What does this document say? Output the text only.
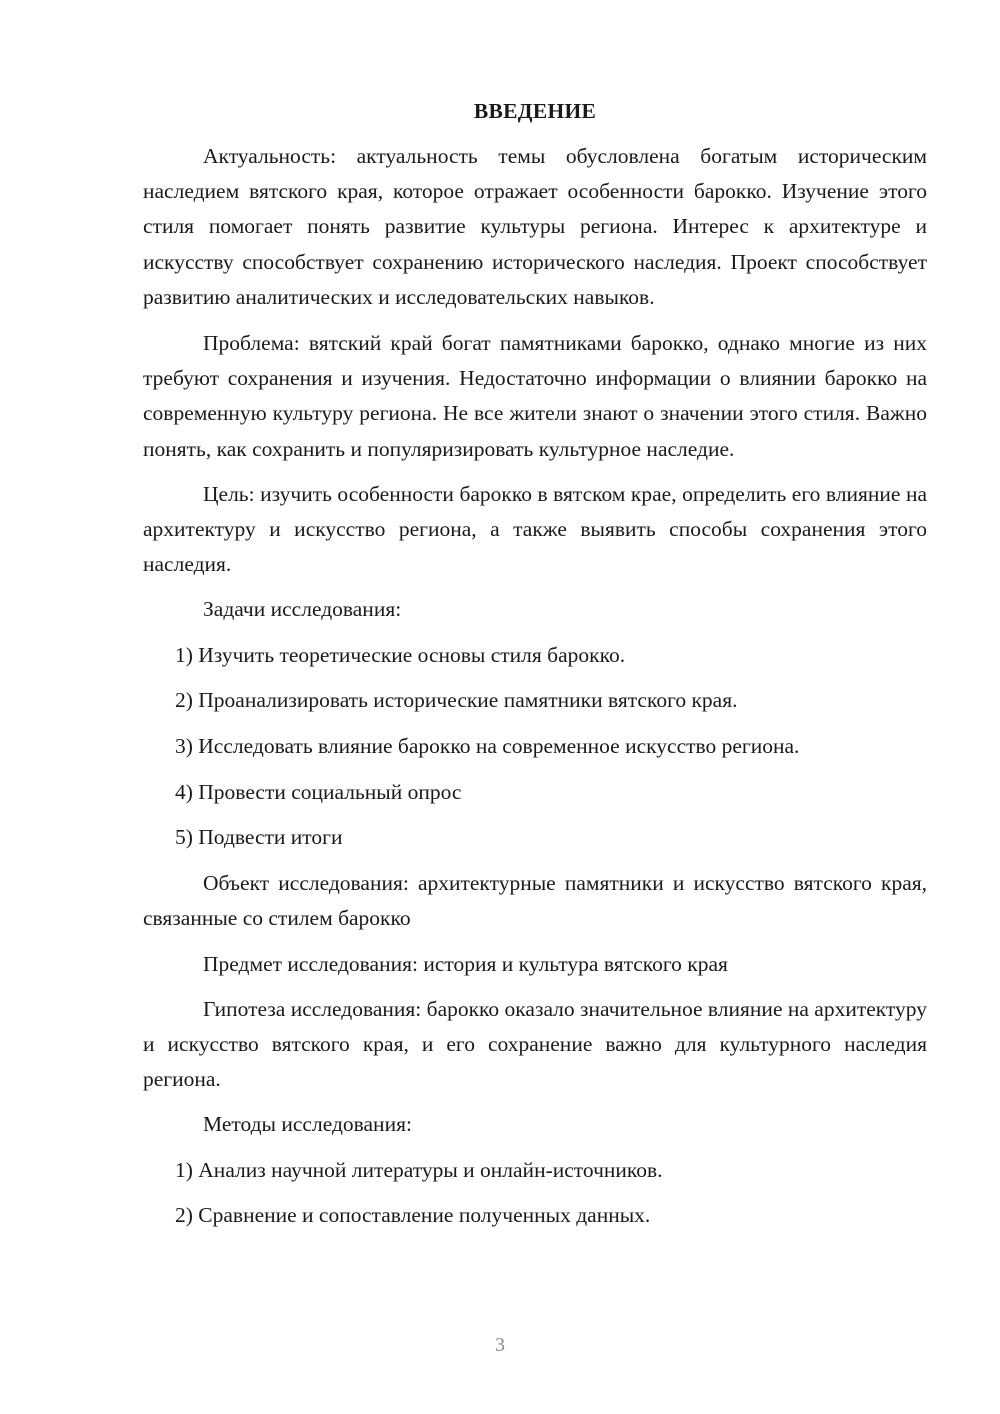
ВВЕДЕНИЕ

Актуальность: актуальность темы обусловлена богатым историческим наследием вятского края, которое отражает особенности барокко. Изучение этого стиля помогает понять развитие культуры региона. Интерес к архитектуре и искусству способствует сохранению исторического наследия. Проект способствует развитию аналитических и исследовательских навыков.

Проблема: вятский край богат памятниками барокко, однако многие из них требуют сохранения и изучения. Недостаточно информации о влиянии барокко на современную культуру региона. Не все жители знают о значении этого стиля. Важно понять, как сохранить и популяризировать культурное наследие.

Цель: изучить особенности барокко в вятском крае, определить его влияние на архитектуру и искусство региона, а также выявить способы сохранения этого наследия.

Задачи исследования:

1) Изучить теоретические основы стиля барокко.

2) Проанализировать исторические памятники вятского края.

3) Исследовать влияние барокко на современное искусство региона.

4) Провести социальный опрос

5) Подвести итоги

Объект исследования: архитектурные памятники и искусство вятского края, связанные со стилем барокко

Предмет исследования: история и культура вятского края

Гипотеза исследования: барокко оказало значительное влияние на архитектуру и искусство вятского края, и его сохранение важно для культурного наследия региона.

Методы исследования:

1) Анализ научной литературы и онлайн-источников.

2) Сравнение и сопоставление полученных данных.

3
